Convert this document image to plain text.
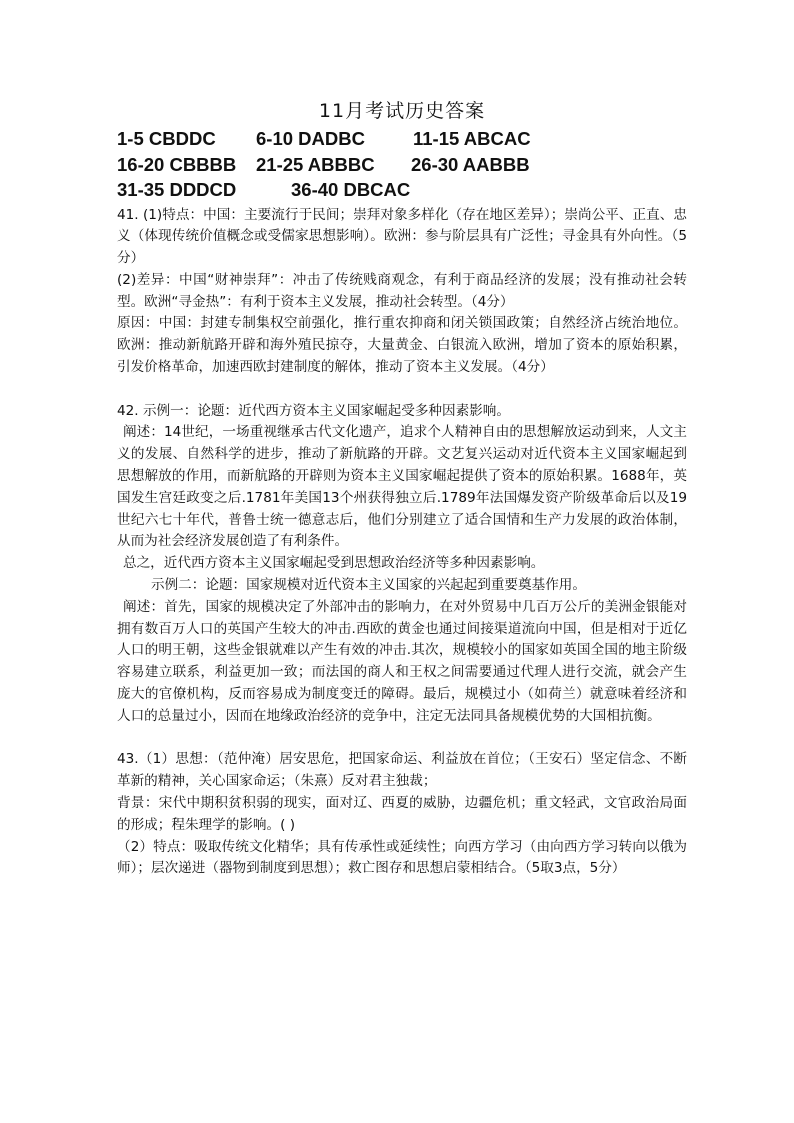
11月考试历史答案
1-5 CBDDC	6-10 DADBC	11-15 ABCAC
16-20 CBBBB	21-25 ABBBC	26-30 AABBB
31-35 DDDCD	36-40 DBCAC

41. (1)特点：中国：主要流行于民间；崇拜对象多样化（存在地区差异）；崇尚公平、正直、忠义（体现传统价值概念或受儒家思想影响）。欧洲：参与阶层具有广泛性；寻金具有外向性。（5分）

(2)差异：中国“财神崇拜”：冲击了传统贱商观念，有利于商品经济的发展；没有推动社会转型。欧洲“寻金热”：有利于资本主义发展，推动社会转型。（4分）

原因：中国：封建专制集权空前强化，推行重农抑商和闭关锁国政策；自然经济占统治地位。欧洲：推动新航路开辟和海外殖民掠夺，大量黄金、白银流入欧洲，增加了资本的原始积累，引发价格革命，加速西欧封建制度的解体，推动了资本主义发展。（4分）

42. 示例一：论题：近代西方资本主义国家崛起受多种因素影响。

阐述：14世纪，一场重视继承古代文化遗产，追求个人精神自由的思想解放运动到来，人文主义的发展、自然科学的进步，推动了新航路的开辟。文艺复兴运动对近代资本主义国家崛起到思想解放的作用，而新航路的开辟则为资本主义国家崛起提供了资本的原始积累。1688年，英国发生宫廷政变之后.1781年美国13个州获得独立后.1789年法国爆发资产阶级革命后以及19世纪六七十年代，普鲁士统一德意志后，他们分别建立了适合国情和生产力发展的政治体制，从而为社会经济发展创造了有利条件。

总之，近代西方资本主义国家崛起受到思想政治经济等多种因素影响。

示例二：论题：国家规模对近代资本主义国家的兴起起到重要奠基作用。

阐述：首先，国家的规模决定了外部冲击的影响力，在对外贸易中几百万公斤的美洲金银能对拥有数百万人口的英国产生较大的冲击.西欧的黄金也通过间接渠道流向中国，但是相对于近亿人口的明王朝，这些金银就难以产生有效的冲击.其次，规模较小的国家如英国全国的地主阶级容易建立联系，利益更加一致；而法国的商人和王权之间需要通过代理人进行交流，就会产生庞大的官僚机构，反而容易成为制度变迁的障碍。最后，规模过小（如荷兰）就意味着经济和人口的总量过小，因而在地缘政治经济的竞争中，注定无法同具备规模优势的大国相抗衡。

43.（1）思想：（范仲淹）居安思危，把国家命运、利益放在首位；（王安石）坚定信念、不断革新的精神，关心国家命运；（朱熹）反对君主独裁；

背景：宋代中期积贫积弱的现实，面对辽、西夏的威胁，边疆危机；重文轻武，文官政治局面的形成；程朱理学的影响。( )

（2）特点：吸取传统文化精华；具有传承性或延续性；向西方学习（由向西方学习转向以俄为师）；层次递进（器物到制度到思想）；救亡图存和思想启蒙相结合。（5取3点，5分）
